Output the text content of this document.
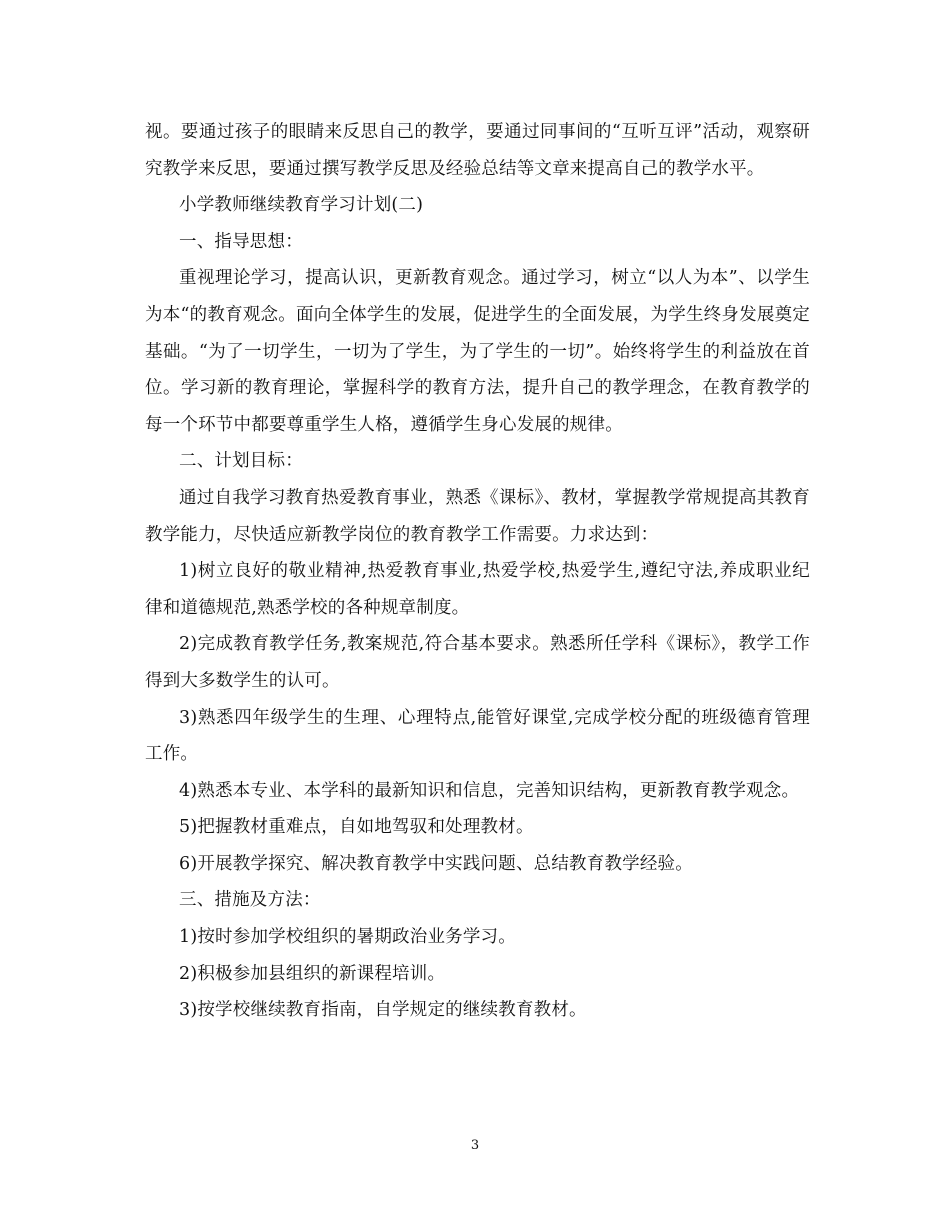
视。要通过孩子的眼睛来反思自己的教学，要通过同事间的“互听互评”活动，观察研究教学来反思，要通过撰写教学反思及经验总结等文章来提高自己的教学水平。

小学教师继续教育学习计划(二)

一、指导思想：

重视理论学习，提高认识，更新教育观念。通过学习，树立“以人为本”、以学生为本“的教育观念。面向全体学生的发展，促进学生的全面发展，为学生终身发展奠定基础。“为了一切学生，一切为了学生，为了学生的一切”。始终将学生的利益放在首位。学习新的教育理论，掌握科学的教育方法，提升自己的教学理念，在教育教学的每一个环节中都要尊重学生人格，遵循学生身心发展的规律。

二、计划目标：

通过自我学习教育热爱教育事业，熟悉《课标》、教材，掌握教学常规提高其教育教学能力，尽快适应新教学岗位的教育教学工作需要。力求达到：

1)树立良好的敬业精神,热爱教育事业,热爱学校,热爱学生,遵纪守法,养成职业纪律和道德规范,熟悉学校的各种规章制度。

2)完成教育教学任务,教案规范,符合基本要求。熟悉所任学科《课标》，教学工作得到大多数学生的认可。

3)熟悉四年级学生的生理、心理特点,能管好课堂,完成学校分配的班级德育管理工作。

4)熟悉本专业、本学科的最新知识和信息，完善知识结构，更新教育教学观念。

5)把握教材重难点，自如地驾驭和处理教材。

6)开展教学探究、解决教育教学中实践问题、总结教育教学经验。

三、措施及方法：

1)按时参加学校组织的暑期政治业务学习。

2)积极参加县组织的新课程培训。

3)按学校继续教育指南，自学规定的继续教育教材。

3
